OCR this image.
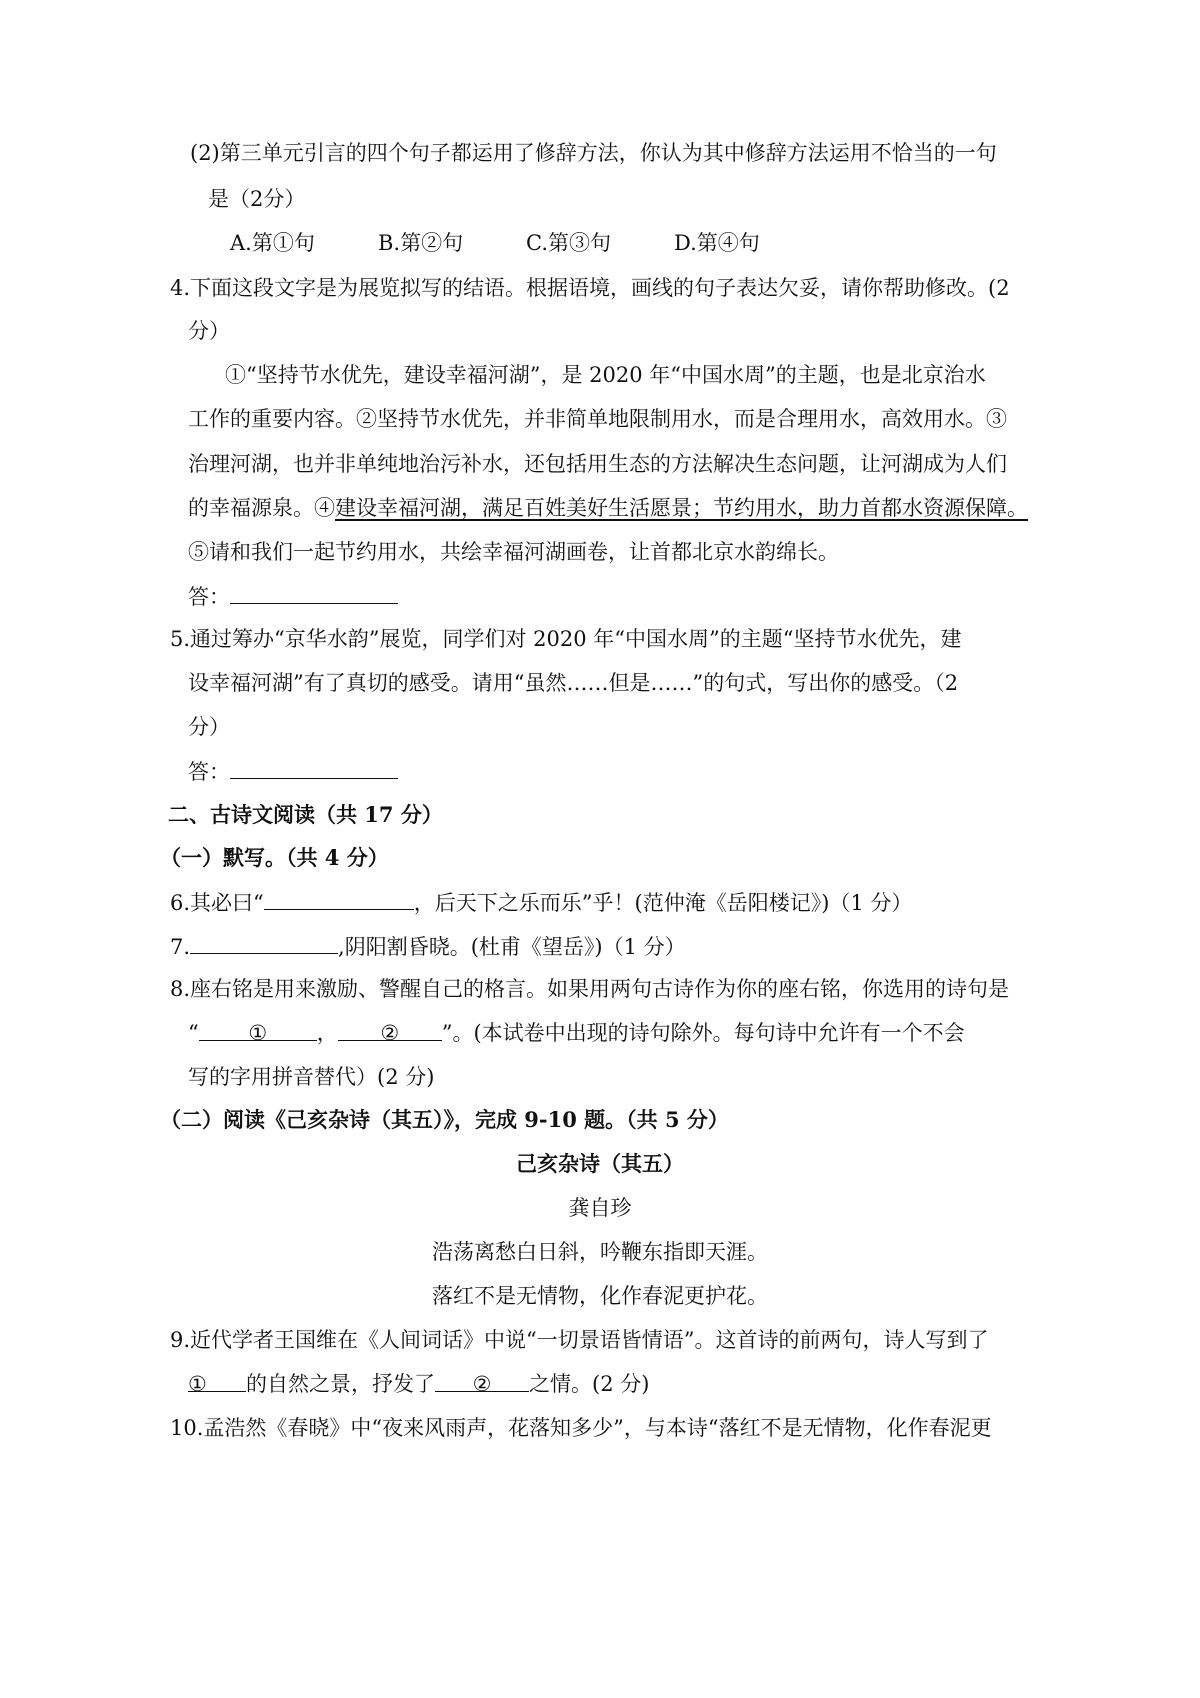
(2)第三单元引言的四个句子都运用了修辞方法，你认为其中修辞方法运用不恰当的一句
是（2分）
A.第①句	B.第②句	C.第③句	D.第④句
4.下面这段文字是为展览拟写的结语。根据语境，画线的句子表达欠妥，请你帮助修改。(2
分）
①“坚持节水优先，建设幸福河湖”，是 2020 年“中国水周”的主题，也是北京治水
工作的重要内容。②坚持节水优先，并非简单地限制用水，而是合理用水，高效用水。③
治理河湖，也并非单纯地治污补水，还包括用生态的方法解决生态问题，让河湖成为人们
的幸福源泉。④建设幸福河湖，满足百姓美好生活愿景；节约用水，助力首都水资源保障。
⑤请和我们一起节约用水，共绘幸福河湖画卷，让首都北京水韵绵长。
答：
5.通过筹办“京华水韵”展览，同学们对 2020 年“中国水周”的主题“坚持节水优先，建
设幸福河湖”有了真切的感受。请用“虽然……但是……”的句式，写出你的感受。（2
分）
答：
二、古诗文阅读（共 17 分）
（一）默写。（共 4 分）
6.其必曰“	，后天下之乐而乐”乎！(范仲淹《岳阳楼记》)（1 分）
7.	,阴阳割昏晓。(杜甫《望岳》)（1 分）
8.座右铭是用来激励、警醒自己的格言。如果用两句古诗作为你的座右铭，你选用的诗句是
“ ① ， ② ”。(本试卷中出现的诗句除外。每句诗中允许有一个不会
写的字用拼音替代）(2 分)
（二）阅读《己亥杂诗（其五）》，完成 9-10 题。（共 5 分）
己亥杂诗（其五）
龚自珍
浩荡离愁白日斜，吟鞭东指即天涯。
落红不是无情物，化作春泥更护花。
9.近代学者王国维在《人间词话》中说“一切景语皆情语”。这首诗的前两句，诗人写到了
① 的自然之景，抒发了 ② 之情。(2 分)
10.孟浩然《春晓》中“夜来风雨声，花落知多少”，与本诗“落红不是无情物，化作春泥更
